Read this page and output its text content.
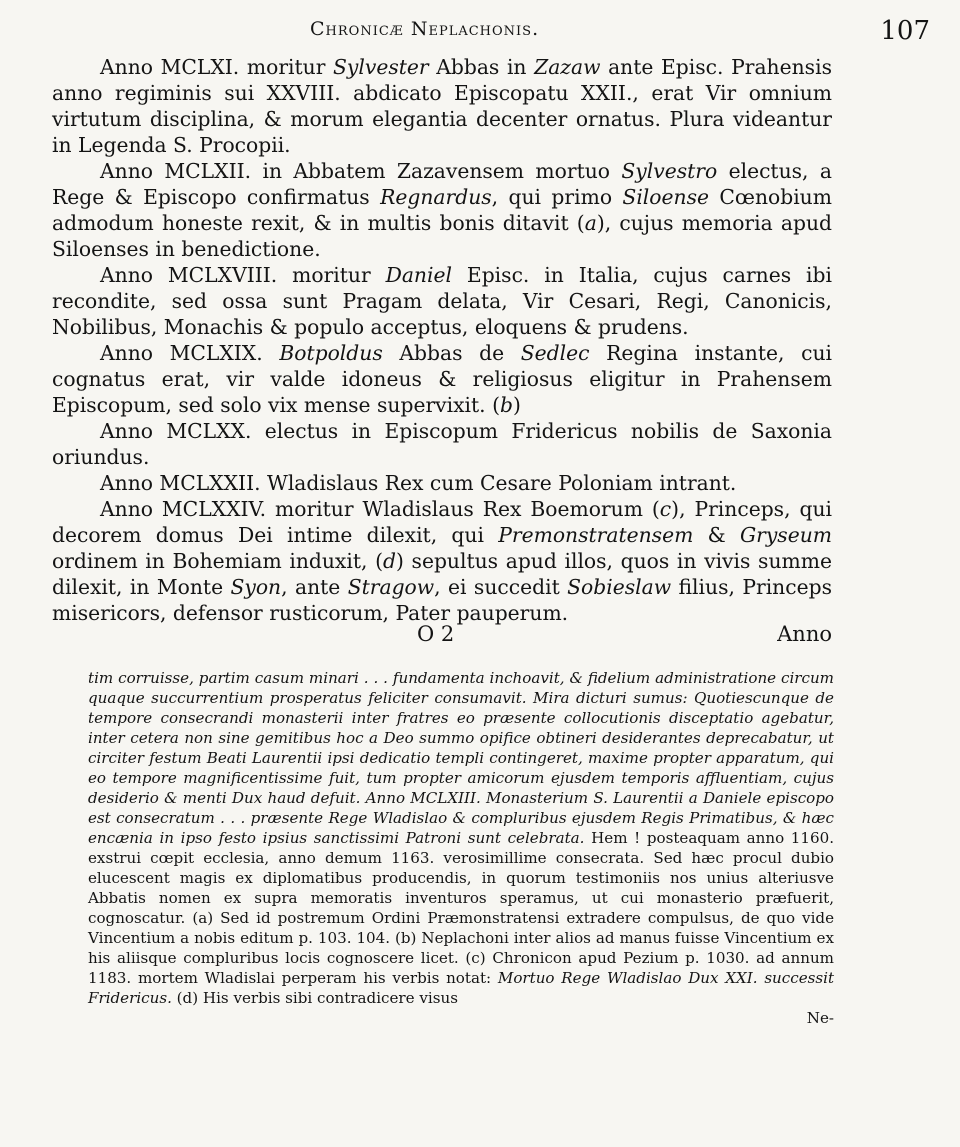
Chronicæ Neplachonis.	107

Anno MCLXI. moritur Sylvester Abbas in Zazaw ante Episc. Prahensis anno regiminis sui XXVIII. abdicato Episcopatu XXII., erat Vir omnium virtutum disciplina, & morum elegantia decenter ornatus. Plura videantur in Legenda S. Procopii.

Anno MCLXII. in Abbatem Zazavensem mortuo Sylvestro electus, a Rege & Episcopo confirmatus Regnardus, qui primo Siloense Cœnobium admodum honeste rexit, & in multis bonis ditavit (a), cujus memoria apud Siloenses in benedictione.

Anno MCLXVIII. moritur Daniel Episc. in Italia, cujus carnes ibi recondite, sed ossa sunt Pragam delata, Vir Cesari, Regi, Canonicis, Nobilibus, Monachis & populo acceptus, eloquens & prudens.

Anno MCLXIX. Botpoldus Abbas de Sedlec Regina instante, cui cognatus erat, vir valde idoneus & religiosus eligitur in Prahensem Episcopum, sed solo vix mense supervixit. (b)

Anno MCLXX. electus in Episcopum Fridericus nobilis de Saxonia oriundus.

Anno MCLXXII. Wladislaus Rex cum Cesare Poloniam intrant.

Anno MCLXXIV. moritur Wladislaus Rex Boemorum (c), Princeps, qui decorem domus Dei intime dilexit, qui Premonstratensem & Gryseum ordinem in Bohemiam induxit, (d) sepultus apud illos, quos in vivis summe dilexit, in Monte Syon, ante Stragow, ei succedit Sobieslaw filius, Princeps misericors, defensor rusticorum, Pater pauperum.

O 2	Anno

tim corruisse, partim casum minari . . . fundamenta inchoavit, & fidelium administratione circum quaque succurrentium prosperatus feliciter consumavit. Mira dicturi sumus: Quotiescunque de tempore consecrandi monasterii inter fratres eo præsente collocutionis disceptatio agebatur, inter cetera non sine gemitibus hoc a Deo summo opifice obtineri desiderantes deprecabatur, ut circiter festum Beati Laurentii ipsi dedicatio templi contingeret, maxime propter apparatum, qui eo tempore magnificentissime fuit, tum propter amicorum ejusdem temporis affluentiam, cujus desiderio & menti Dux haud defuit. Anno MCLXIII. Monasterium S. Laurentii a Daniele episcopo est consecratum . . . præsente Rege Wladislao & compluribus ejusdem Regis Primatibus, & hæc encænia in ipso festo ipsius sanctissimi Patroni sunt celebrata. Hem ! posteaquam anno 1160. exstrui cœpit ecclesia, anno demum 1163. verosimillime consecrata. Sed hæc procul dubio elucescent magis ex diplomatibus producendis, in quorum testimoniis nos unius alteriusve Abbatis nomen ex supra memoratis inventuros speramus, ut cui monasterio præfuerit, cognoscatur. (a) Sed id postremum Ordini Præmonstratensi extradere compulsus, de quo vide Vincentium a nobis editum p. 103. 104. (b) Neplachoni inter alios ad manus fuisse Vincentium ex his aliisque compluribus locis cognoscere licet. (c) Chronicon apud Pezium p. 1030. ad annum 1183. mortem Wladislai perperam his verbis notat: Mortuo Rege Wladislao Dux XXI. successit Fridericus. (d) His verbis sibi contradicere visus

Ne-
